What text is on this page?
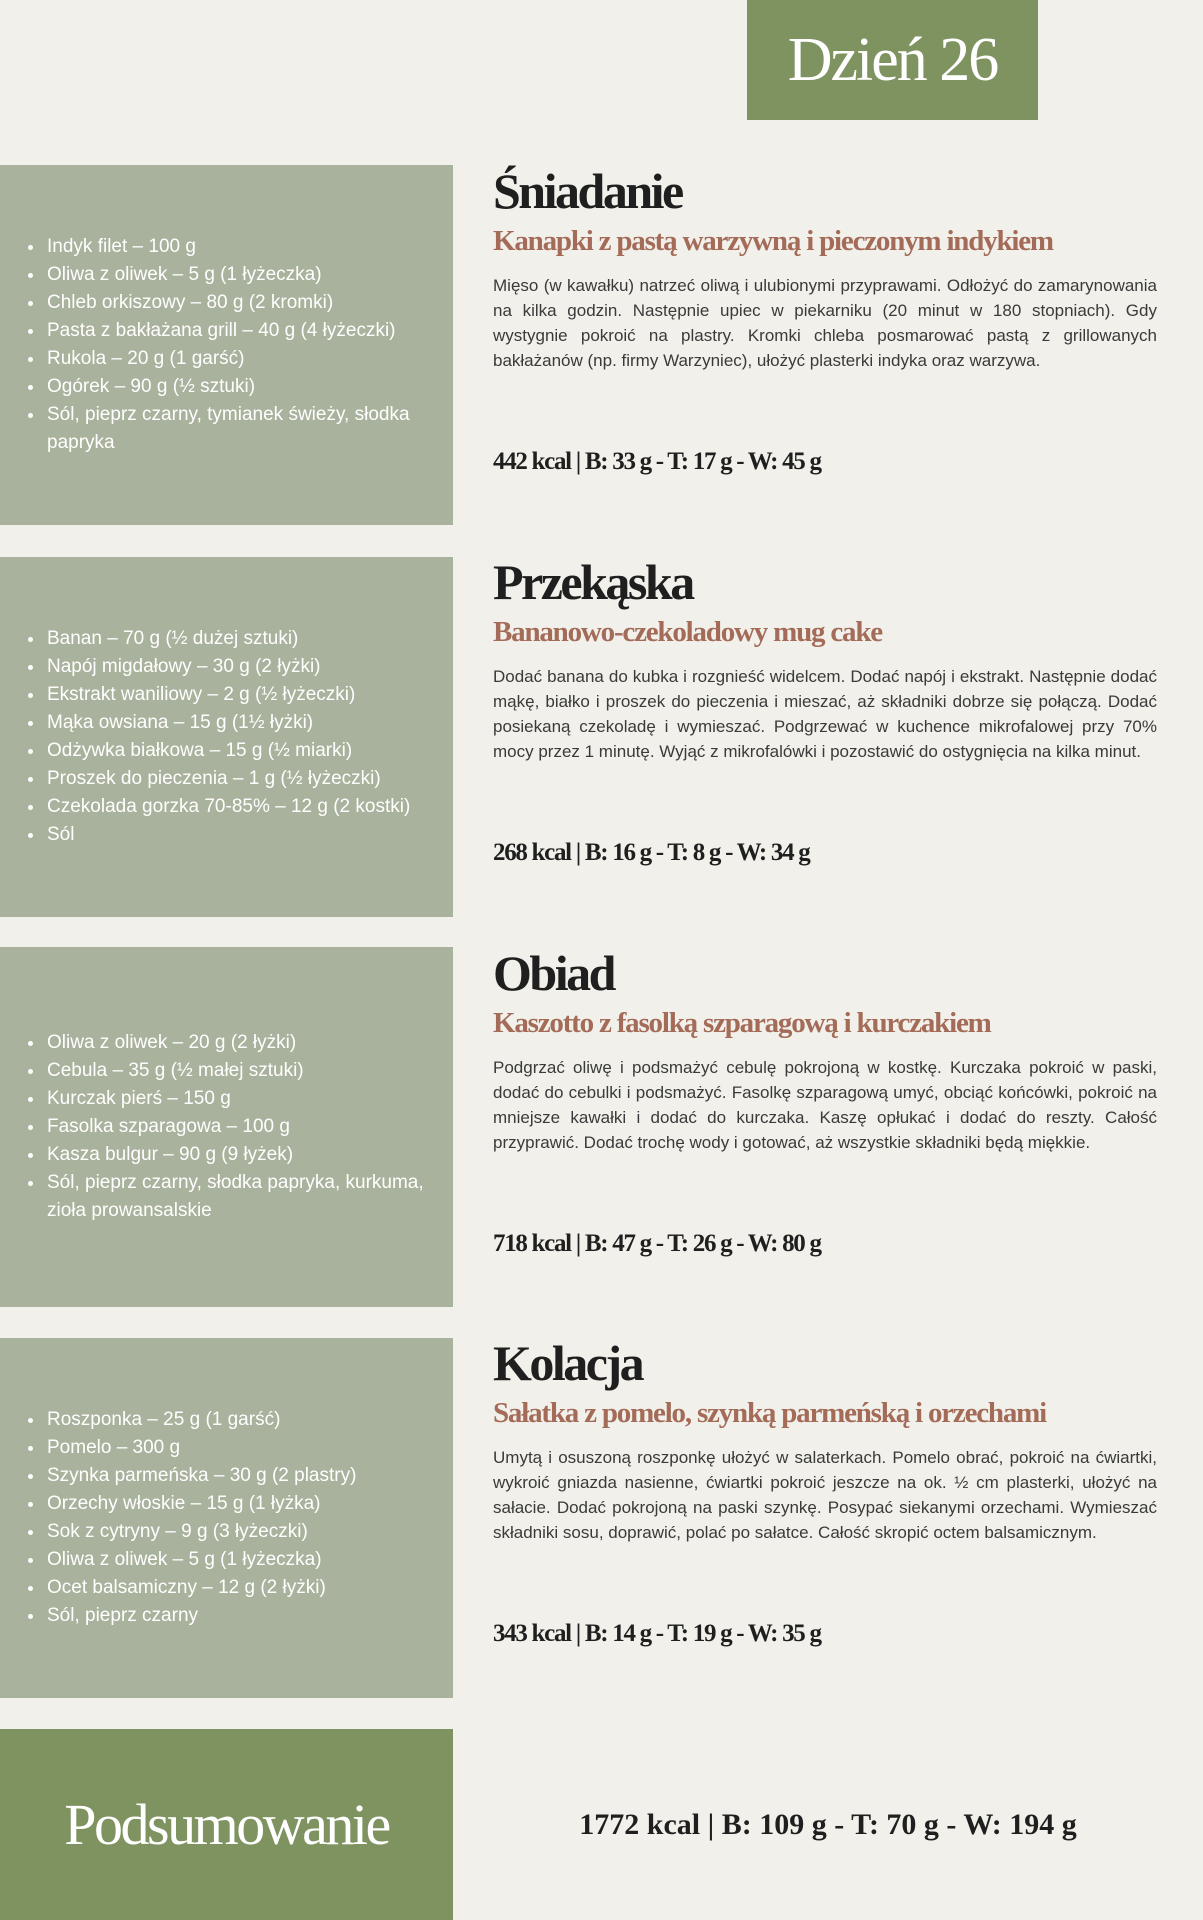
Dzień 26
• Indyk filet – 100 g
• Oliwa z oliwek – 5 g (1 łyżeczka)
• Chleb orkiszowy – 80 g (2 kromki)
• Pasta z bakłażana grill – 40 g (4 łyżeczki)
• Rukola – 20 g (1 garść)
• Ogórek – 90 g (½ sztuki)
• Sól, pieprz czarny, tymianek świeży, słodka papryka
Śniadanie
Kanapki z pastą warzywną i pieczonym indykiem

Mięso (w kawałku) natrzeć oliwą i ulubionymi przyprawami. Odłożyć do zamarynowania na kilka godzin. Następnie upiec w piekarniku (20 minut w 180 stopniach). Gdy wystygnie pokroić na plastry. Kromki chleba posmarować pastą z grillowanych bakłażanów (np. firmy Warzyniec), ułożyć plasterki indyka oraz warzywa.

442 kcal | B: 33 g - T: 17 g - W: 45 g
• Banan – 70 g (½ dużej sztuki)
• Napój migdałowy – 30 g (2 łyżki)
• Ekstrakt waniliowy – 2 g (½ łyżeczki)
• Mąka owsiana – 15 g (1½ łyżki)
• Odżywka białkowa – 15 g (½ miarki)
• Proszek do pieczenia – 1 g (½ łyżeczki)
• Czekolada gorzka 70-85% – 12 g (2 kostki)
• Sól
Przekąska
Bananowo-czekoladowy mug cake

Dodać banana do kubka i rozgnieść widelcem. Dodać napój i ekstrakt. Następnie dodać mąkę, białko i proszek do pieczenia i mieszać, aż składniki dobrze się połączą. Dodać posiekaną czekoladę i wymieszać. Podgrzewać w kuchence mikrofalowej przy 70% mocy przez 1 minutę. Wyjąć z mikrofalówki i pozostawić do ostygnięcia na kilka minut.

268 kcal | B: 16 g - T: 8 g - W: 34 g
• Oliwa z oliwek – 20 g (2 łyżki)
• Cebula – 35 g (½ małej sztuki)
• Kurczak pierś – 150 g
• Fasolka szparagowa – 100 g
• Kasza bulgur – 90 g (9 łyżek)
• Sól, pieprz czarny, słodka papryka, kurkuma, zioła prowansalskie
Obiad
Kaszotto z fasolką szparagową i kurczakiem

Podgrzać oliwę i podsmażyć cebulę pokrojoną w kostkę. Kurczaka pokroić w paski, dodać do cebulki i podsmażyć. Fasolkę szparagową umyć, obciąć końcówki, pokroić na mniejsze kawałki i dodać do kurczaka. Kaszę opłukać i dodać do reszty. Całość przyprawić. Dodać trochę wody i gotować, aż wszystkie składniki będą miękkie.

718 kcal | B: 47 g - T: 26 g - W: 80 g
• Roszponka – 25 g (1 garść)
• Pomelo – 300 g
• Szynka parmeńska – 30 g (2 plastry)
• Orzechy włoskie – 15 g (1 łyżka)
• Sok z cytryny – 9 g (3 łyżeczki)
• Oliwa z oliwek – 5 g (1 łyżeczka)
• Ocet balsamiczny – 12 g (2 łyżki)
• Sól, pieprz czarny
Kolacja
Sałatka z pomelo, szynką parmeńską i orzechami

Umytą i osuszoną roszponkę ułożyć w salaterkach. Pomelo obrać, pokroić na ćwiartki, wykroić gniazda nasienne, ćwiartki pokroić jeszcze na ok. ½ cm plasterki, ułożyć na sałacie. Dodać pokrojoną na paski szynkę. Posypać siekanymi orzechami. Wymieszać składniki sosu, doprawić, polać po sałatce. Całość skropić octem balsamicznym.

343 kcal | B: 14 g - T: 19 g - W: 35 g
Podsumowanie	1772 kcal | B: 109 g - T: 70 g - W: 194 g
